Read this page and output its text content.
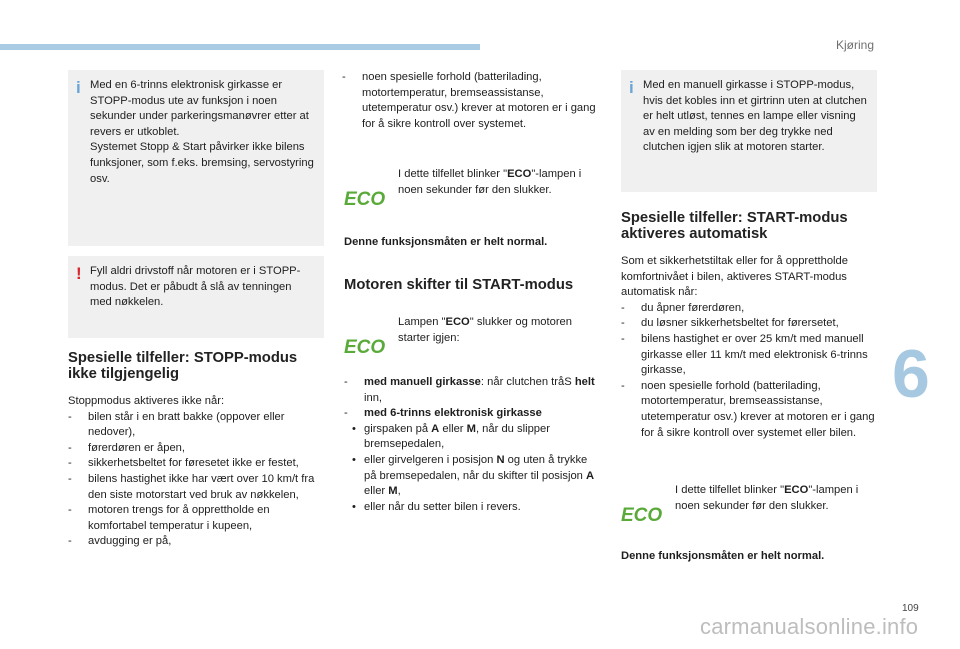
Kjøring
6
109
carmanualsonline.info
i Med en 6-trinns elektronisk girkasse er STOPP-modus ute av funksjon i noen sekunder under parkeringsmanøvrer etter at revers er utkoblet.

Systemet Stopp & Start påvirker ikke bilens funksjoner, som f.eks. bremsing, servostyring osv.

! Fyll aldri drivstoff når motoren er i STOPP-modus. Det er påbudt å slå av tenningen med nøkkelen.

Spesielle tilfeller: STOPP-modus ikke tilgjengelig

Stoppmodus aktiveres ikke når:

- bilen står i en bratt bakke (oppover eller nedover),
- førerdøren er åpen,
- sikkerhetsbeltet for føresetet ikke er festet,
- bilens hastighet ikke har vært over 10 km/t fra den siste motorstart ved bruk av nøkkelen,
- motoren trengs for å opprettholde en komfortabel temperatur i kupeen,
- avdugging er på,
- noen spesielle forhold (batterilading, motortemperatur, bremseassistanse, utetemperatur osv.) krever at motoren er i gang for å sikre kontroll over systemet.
ECO
I dette tilfellet blinker "ECO"-lampen i noen sekunder før den slukker.

Denne funksjonsmåten er helt normal.

Motoren skifter til START-modus
ECO
Lampen "ECO" slukker og motoren starter igjen:
- med manuell girkasse: når clutchen tråS helt inn,
- med 6-trinns elektronisk girkasse
• girspaken på A eller M, når du slipper bremsepedalen,
• eller girvelgeren i posisjon N og uten å trykke på bremsepedalen, når du skifter til posisjon A eller M,
• eller når du setter bilen i revers.
i Med en manuell girkasse i STOPP-modus, hvis det kobles inn et girtrinn uten at clutchen er helt utløst, tennes en lampe eller visning av en melding som ber deg trykke ned clutchen igjen slik at motoren starter.

Spesielle tilfeller: START-modus aktiveres automatisk

Som et sikkerhetstiltak eller for å opprettholde komfortnivået i bilen, aktiveres START-modus automatisk når:

- du åpner førerdøren,
- du løsner sikkerhetsbeltet for førersetet,
- bilens hastighet er over 25 km/t med manuell girkasse eller 11 km/t med elektronisk 6-trinns girkasse,
- noen spesielle forhold (batterilading, motortemperatur, bremseassistanse, utetemperatur osv.) krever at motoren er i gang for å sikre kontroll over systemet eller bilen.
ECO
I dette tilfellet blinker "ECO"-lampen i noen sekunder før den slukker.

Denne funksjonsmåten er helt normal.
